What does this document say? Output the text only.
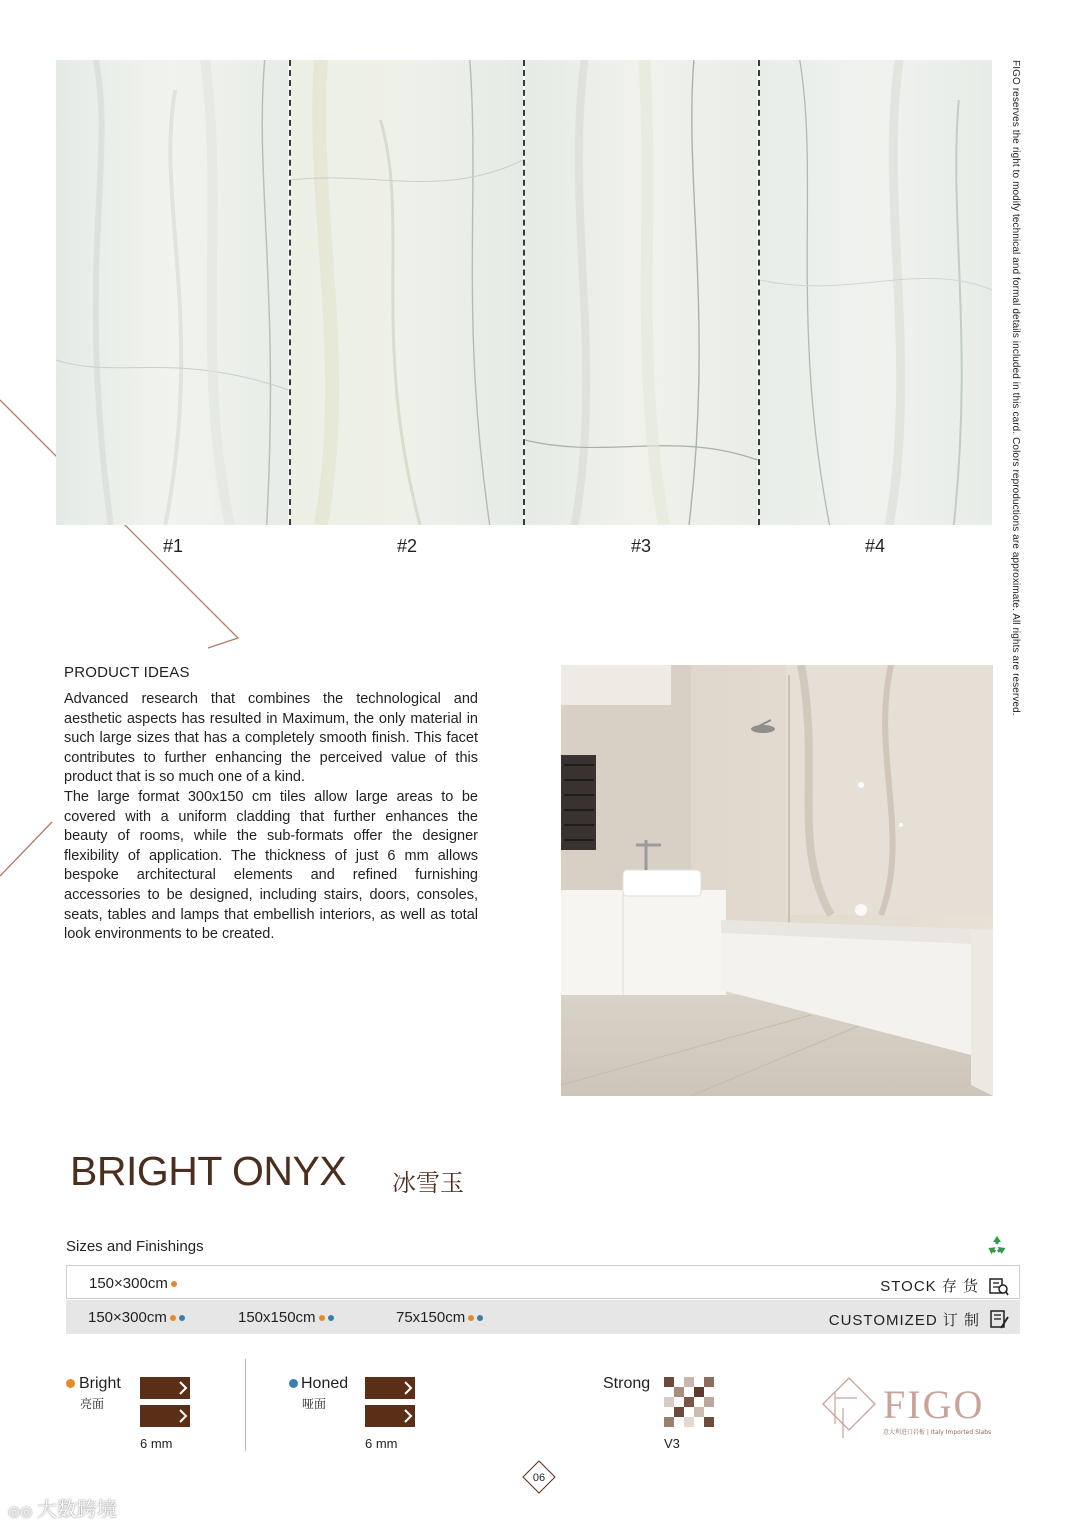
#1	#2	#3	#4	FIGO reserves the right to modify technical and formal details included in this card. Colors reproductions are approximate. All rights are reserved.
PRODUCT IDEAS

Advanced research that combines the technological and aesthetic aspects has resulted in Maximum, the only material in such large sizes that has a completely smooth finish. This facet contributes to further enhancing the perceived value of this product that is so much one of a kind.

The large format 300x150 cm tiles allow large areas to be covered with a uniform cladding that further enhances the beauty of rooms, while the sub-formats offer the designer flexibility of application. The thickness of just 6 mm allows bespoke architectural elements and refined furnishing accessories to be designed, including stairs, doors, consoles, seats, tables and lamps that embellish interiors, as well as total look environments to be created.

BRIGHT ONYX 冰雪玉
Sizes and Finishings
150×300cm	STOCK 存 货
150×300cm	150x150cm	75x150cm	CUSTOMIZED 订 制
Bright
亮面
6 mm
Honed
哑面
6 mm
Strong
V3
FIGO
意大利进口岩板 | Italy Imported Slabs
06
◎◎ 大数跨境
